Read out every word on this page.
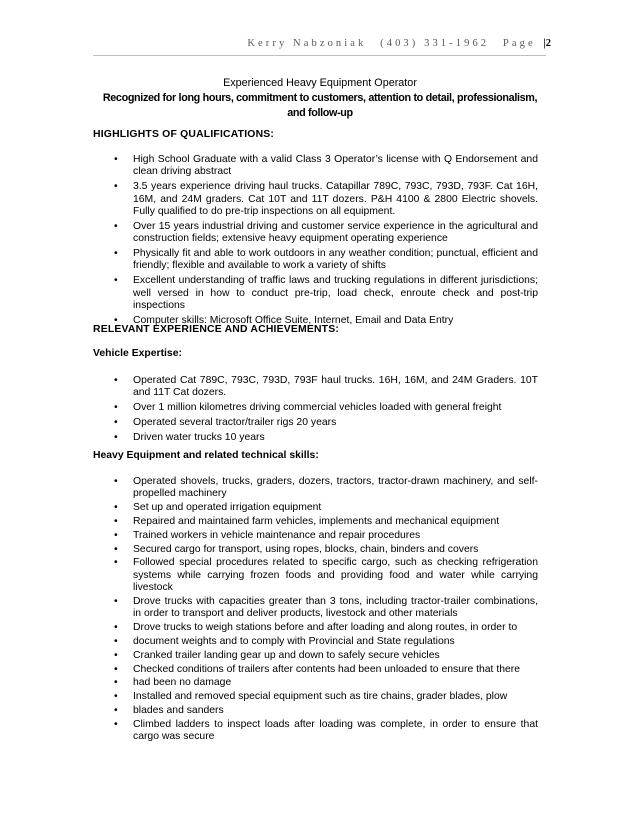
Kerry Nabzoniak (403) 331-1962 Page |2
Experienced Heavy Equipment Operator
Recognized for long hours, commitment to customers, attention to detail, professionalism,
and follow-up
HIGHLIGHTS OF QUALIFICATIONS:
• High School Graduate with a valid Class 3 Operator’s license with Q Endorsement and clean driving abstract
• 3.5 years experience driving haul trucks. Catapillar 789C, 793C, 793D, 793F. Cat 16H, 16M, and 24M graders. Cat 10T and 11T dozers. P&H 4100 & 2800 Electric shovels. Fully qualified to do pre-trip inspections on all equipment.
• Over 15 years industrial driving and customer service experience in the agricultural and construction fields; extensive heavy equipment operating experience
• Physically fit and able to work outdoors in any weather condition; punctual, efficient and friendly; flexible and available to work a variety of shifts
• Excellent understanding of traffic laws and trucking regulations in different jurisdictions; well versed in how to conduct pre-trip, load check, enroute check and post-trip inspections
• Computer skills: Microsoft Office Suite, Internet, Email and Data Entry
RELEVANT EXPERIENCE AND ACHIEVEMENTS:
Vehicle Expertise:
• Operated Cat 789C, 793C, 793D, 793F haul trucks. 16H, 16M, and 24M Graders. 10T and 11T Cat dozers.
• Over 1 million kilometres driving commercial vehicles loaded with general freight
• Operated several tractor/trailer rigs 20 years
• Driven water trucks 10 years
Heavy Equipment and related technical skills:
• Operated shovels, trucks, graders, dozers, tractors, tractor-drawn machinery, and self-propelled machinery
• Set up and operated irrigation equipment
• Repaired and maintained farm vehicles, implements and mechanical equipment
• Trained workers in vehicle maintenance and repair procedures
• Secured cargo for transport, using ropes, blocks, chain, binders and covers
• Followed special procedures related to specific cargo, such as checking refrigeration systems while carrying frozen foods and providing food and water while carrying livestock
• Drove trucks with capacities greater than 3 tons, including tractor-trailer combinations, in order to transport and deliver products, livestock and other materials
• Drove trucks to weigh stations before and after loading and along routes, in order to
• document weights and to comply with Provincial and State regulations
• Cranked trailer landing gear up and down to safely secure vehicles
• Checked conditions of trailers after contents had been unloaded to ensure that there
• had been no damage
• Installed and removed special equipment such as tire chains, grader blades, plow
• blades and sanders
• Climbed ladders to inspect loads after loading was complete, in order to ensure that cargo was secure
